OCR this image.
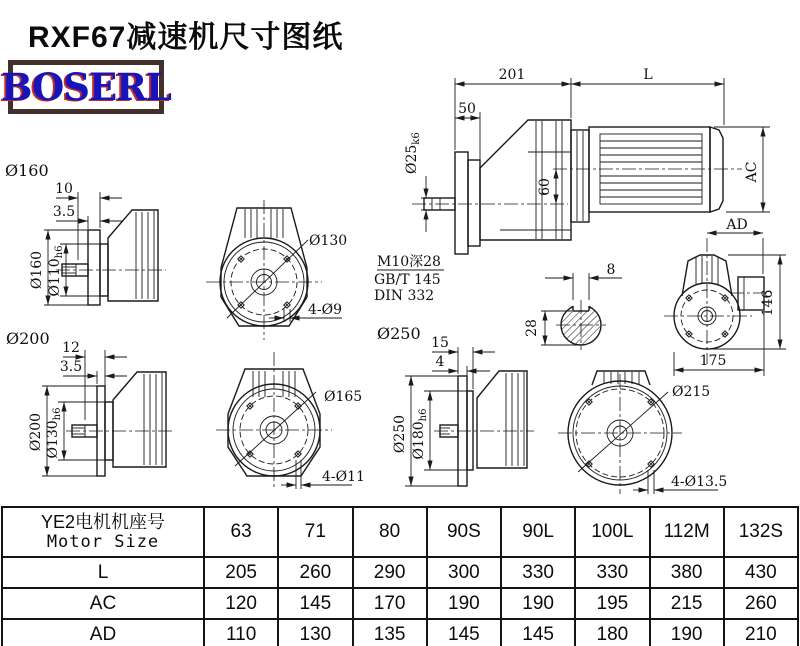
RXF67减速机尺寸图纸
BOSERL	201	L
50
$Ø25_{k6}$
60
AC
AD
146
175
Ø160
10
3.5
Ø160 $Ø110_{h6}$
Ø130
4-Ø9
M10深28
GB/T 145
DIN 332
Ø250
8
28
Ø200 12
3.5
Ø200 $Ø130_{h6}$
Ø165
4-Ø11
15
4
Ø250 $Ø180_{h6}$
Ø215
4-Ø13.5
YE2电机机座号
Motor Size	63	71	80	90S	90L	100L	112M	132S
L	205	260	290	300	330	330	380	430
AC	120	145	170	190	190	195	215	260
AD	110	130	135	145	145	180	190	210
